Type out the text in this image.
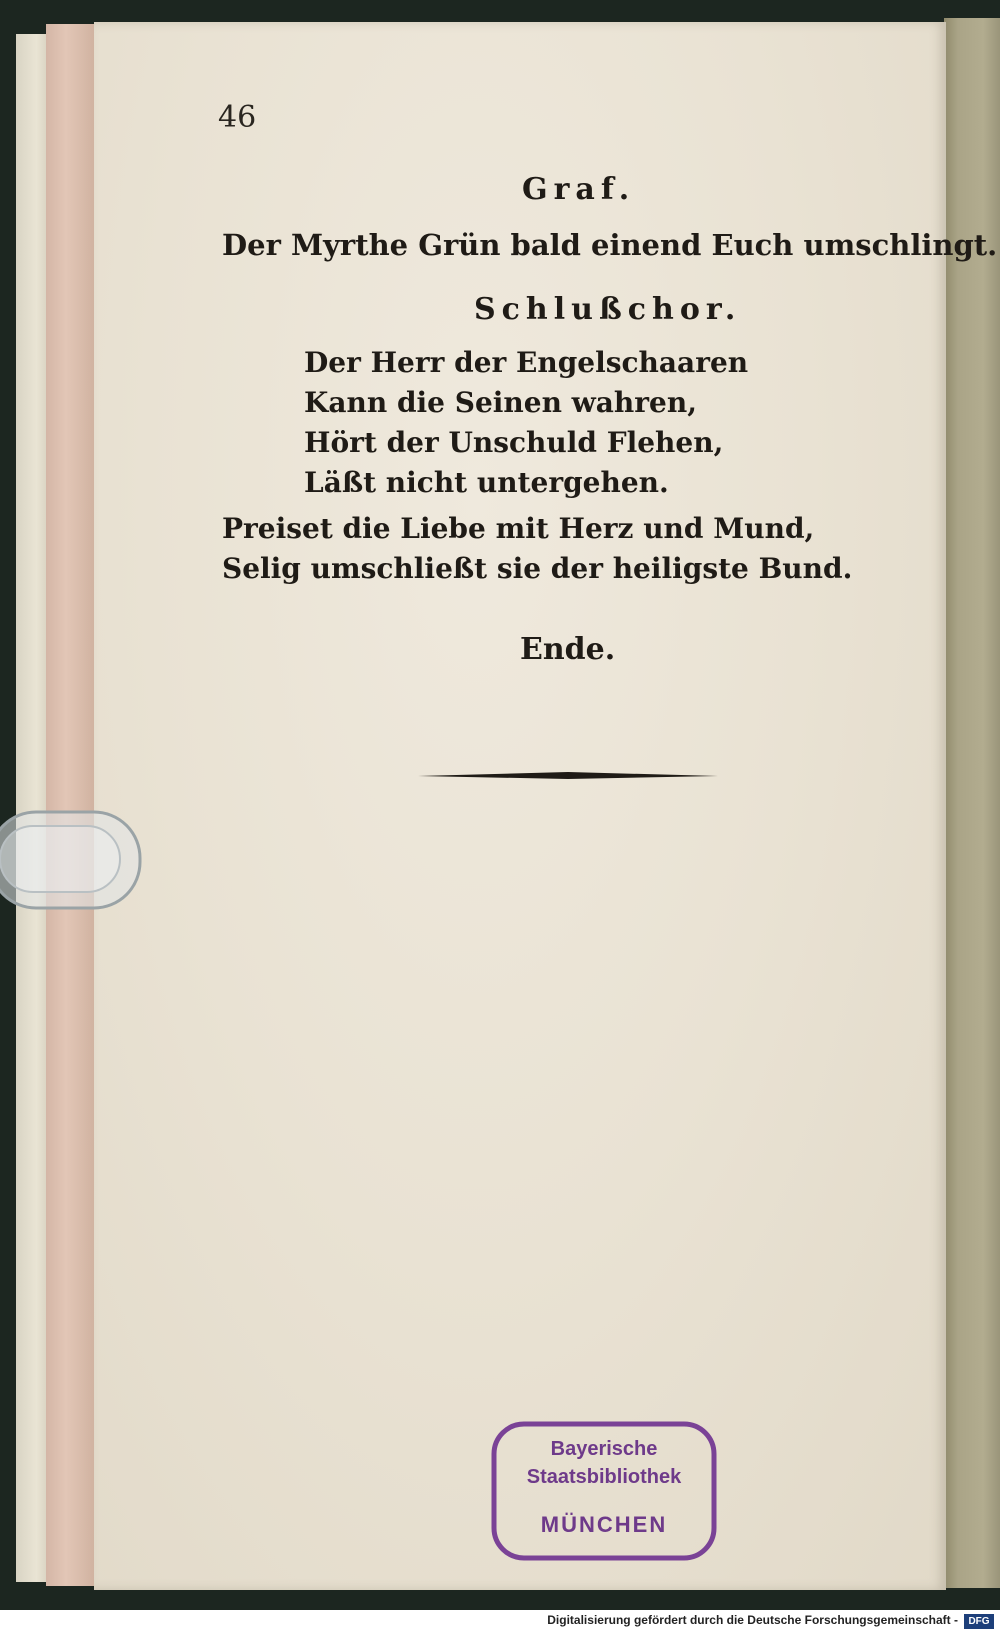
46
Graf.
Der Myrthe Grün bald einend Euch umschlingt.
Schlußchor.
Der Herr der Engelschaaren
Kann die Seinen wahren,
Hört der Unschuld Flehen,
Läßt nicht untergehen.
Preiset die Liebe mit Herz und Mund,
Selig umschließt sie der heiligste Bund.
Ende.
Bayerische
Staatsbibliothek
MÜNCHEN
Digitalisierung gefördert durch die Deutsche Forschungsgemeinschaft -	DFG
